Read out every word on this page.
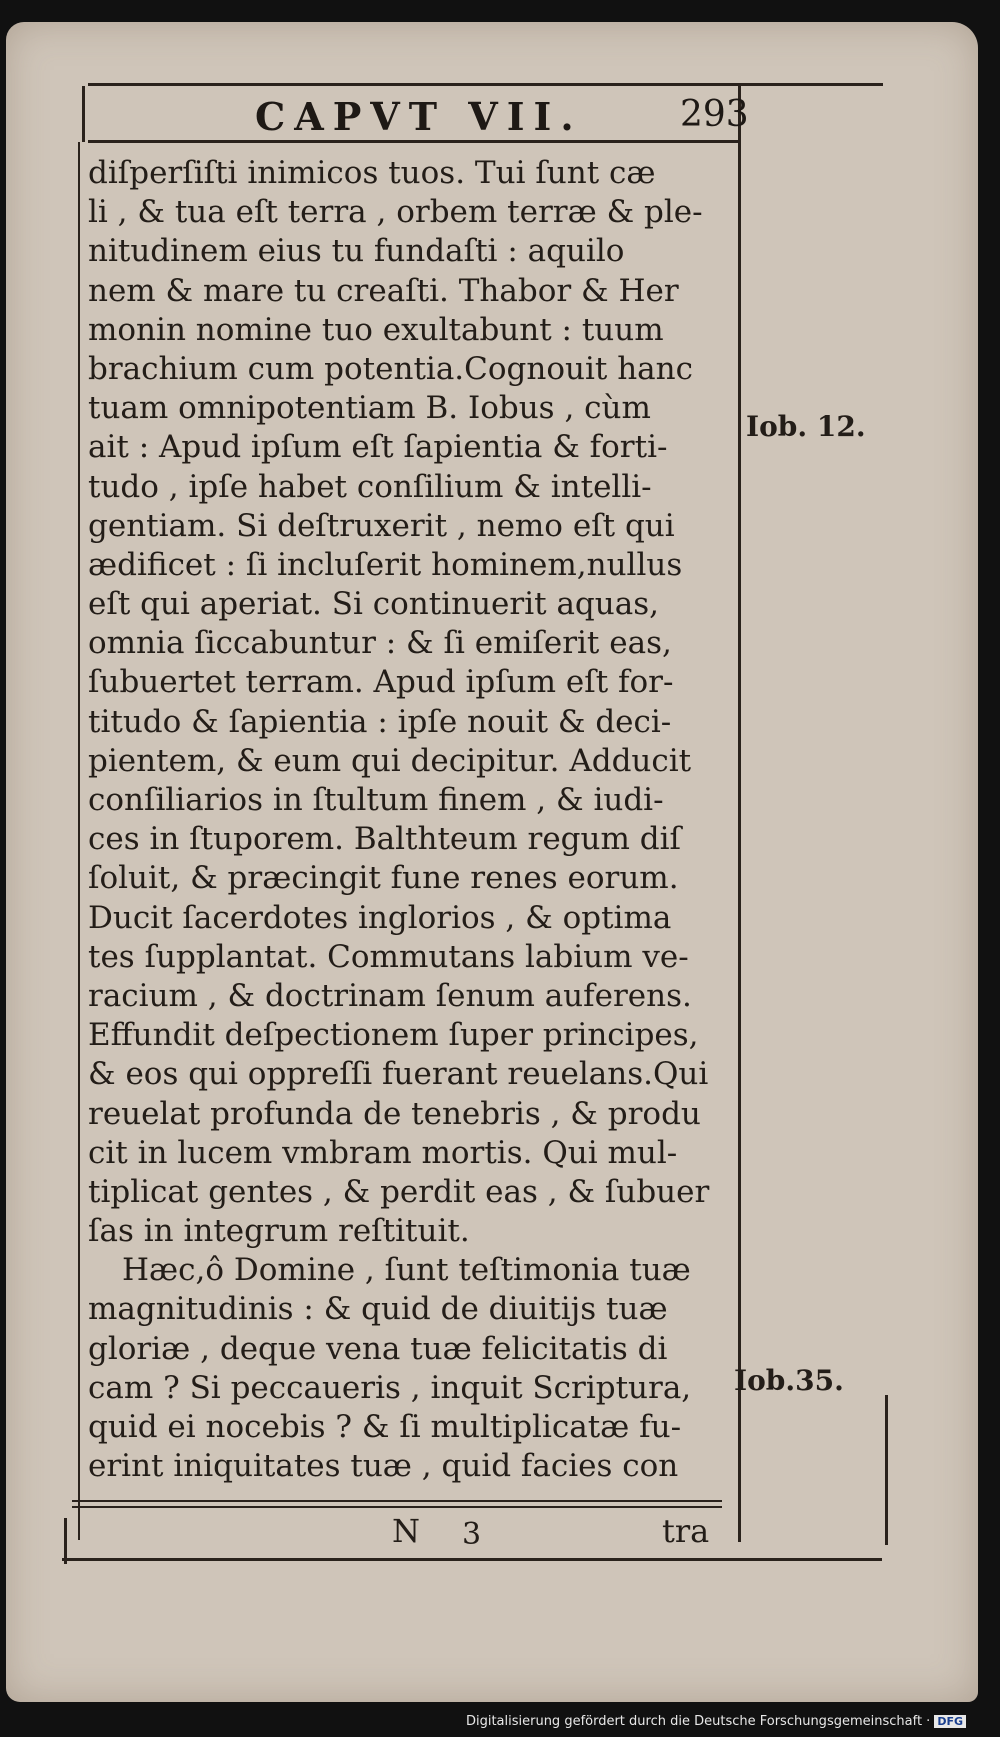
CAPVT VII.	293
diſperſiſti inimicos tuos. Tui ſunt cæ
li , & tua eſt terra , orbem terræ & ple-
nitudinem eius tu fundaſti : aquilo
nem & mare tu creaſti. Thabor & Her
monin nomine tuo exultabunt : tuum
brachium cum potentia.Cognouit hanc
tuam omnipotentiam B. Iobus , cùm
ait : Apud ipſum eſt ſapientia & forti-
tudo , ipſe habet conſilium & intelli-
gentiam. Si deſtruxerit , nemo eſt qui
ædificet : ſi incluſerit hominem,nullus
eſt qui aperiat. Si continuerit aquas,
omnia ſiccabuntur : & ſi emiſerit eas,
ſubuertet terram. Apud ipſum eſt for-
titudo & ſapientia : ipſe nouit & deci-
pientem, & eum qui decipitur. Adducit
conſiliarios in ſtultum finem , & iudi-
ces in ſtuporem. Balthteum regum diſ
ſoluit, & præcingit fune renes eorum.
Ducit ſacerdotes ingloriοs , & optima
tes ſupplantat. Commutans labium ve-
racium , & doctrinam ſenum auferens.
Effundit deſpectionem ſuper principes,
& eos qui oppreſſi fuerant reuelans.Qui
reuelat profunda de tenebris , & produ
cit in lucem vmbram mortis. Qui mul-
tiplicat gentes , & perdit eas , & ſubuer
ſas in integrum reſtituit.
Hæc,ô Domine , ſunt teſtimonia tuæ
magnitudinis : & quid de diuitijs tuæ
gloriæ , deque vena tuæ felicitatis di
cam ? Si peccaueris , inquit Scriptura,
quid ei nocebis ? & ſi multiplicatæ fu-
erint iniquitates tuæ , quid facies con
Iob. 12.
Iob.35.
N 3	tra
Digitalisierung gefördert durch die Deutsche Forschungsgemeinschaft · DFG
